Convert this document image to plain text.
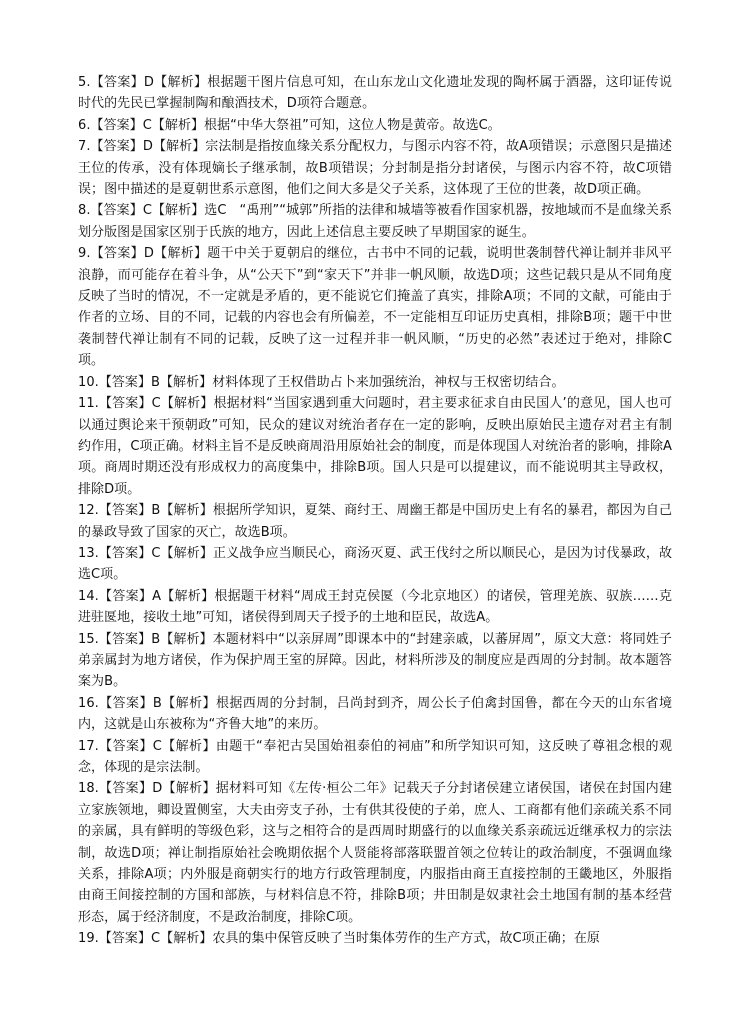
5.【答案】D【解析】根据题干图片信息可知，在山东龙山文化遗址发现的陶杯属于酒器，这印证传说时代的先民已掌握制陶和酿酒技术，D项符合题意。

6.【答案】C【解析】根据“中华大祭祖”可知，这位人物是黄帝。故选C。

7.【答案】D【解析】宗法制是指按血缘关系分配权力，与图示内容不符，故A项错误；示意图只是描述王位的传承，没有体现嫡长子继承制，故B项错误；分封制是指分封诸侯，与图示内容不符，故C项错误；图中描述的是夏朝世系示意图，他们之间大多是父子关系，这体现了王位的世袭，故D项正确。

8.【答案】C【解析】选C　“禹刑”“城郭”所指的法律和城墙等被看作国家机器，按地域而不是血缘关系划分版图是国家区别于氏族的地方，因此上述信息主要反映了早期国家的诞生。

9.【答案】D【解析】题干中关于夏朝启的继位，古书中不同的记载，说明世袭制替代禅让制并非风平浪静，而可能存在着斗争，从“公天下”到“家天下”并非一帆风顺，故选D项；这些记载只是从不同角度反映了当时的情况，不一定就是矛盾的，更不能说它们掩盖了真实，排除A项；不同的文献，可能由于作者的立场、目的不同，记载的内容也会有所偏差，不一定能相互印证历史真相，排除B项；题干中世袭制替代禅让制有不同的记载，反映了这一过程并非一帆风顺，“历史的必然”表述过于绝对，排除C项。

10.【答案】B【解析】材料体现了王权借助占卜来加强统治，神权与王权密切结合。

11.【答案】C【解析】根据材料“当国家遇到重大问题时，君主要求征求自由民国人’的意见，国人也可以通过舆论来干预朝政”可知，民众的建议对统治者存在一定的影响，反映出原始民主遗存对君主有制约作用，C项正确。材料主旨不是反映商周沿用原始社会的制度，而是体现国人对统治者的影响，排除A项。商周时期还没有形成权力的高度集中，排除B项。国人只是可以提建议，而不能说明其主导政权，排除D项。

12.【答案】B【解析】根据所学知识，夏桀、商纣王、周幽王都是中国历史上有名的暴君，都因为自己的暴政导致了国家的灭亡，故选B项。

13.【答案】C【解析】正义战争应当顺民心，商汤灭夏、武王伐纣之所以顺民心，是因为讨伐暴政，故选C项。

14.【答案】A【解析】根据题干材料“周成王封克侯匽（今北京地区）的诸侯，管理羌族、驭族……克进驻匽地，接收土地”可知，诸侯得到周天子授予的土地和臣民，故选A。

15.【答案】B【解析】本题材料中“以亲屏周”即课本中的“封建亲戚，以蕃屏周”，原文大意：将同姓子弟亲属封为地方诸侯，作为保护周王室的屏障。因此，材料所涉及的制度应是西周的分封制。故本题答案为B。

16.【答案】B【解析】根据西周的分封制，吕尚封到齐，周公长子伯禽封国鲁，都在今天的山东省境内，这就是山东被称为“齐鲁大地”的来历。

17.【答案】C【解析】由题干“奉祀古吴国始祖泰伯的祠庙”和所学知识可知，这反映了尊祖念根的观念，体现的是宗法制。

18.【答案】D【解析】据材料可知《左传·桓公二年》记载天子分封诸侯建立诸侯国，诸侯在封国内建立家族领地，卿设置侧室，大夫由旁支子孙，士有供其役使的子弟，庶人、工商都有他们亲疏关系不同的亲属，具有鲜明的等级色彩，这与之相符合的是西周时期盛行的以血缘关系亲疏远近继承权力的宗法制，故选D项；禅让制指原始社会晚期依据个人贤能将部落联盟首领之位转让的政治制度，不强调血缘关系，排除A项；内外服是商朝实行的地方行政管理制度，内服指由商王直接控制的王畿地区，外服指由商王间接控制的方国和部族，与材料信息不符，排除B项；井田制是奴隶社会土地国有制的基本经营形态，属于经济制度，不是政治制度，排除C项。

19.【答案】C【解析】农具的集中保管反映了当时集体劳作的生产方式，故C项正确；在原
